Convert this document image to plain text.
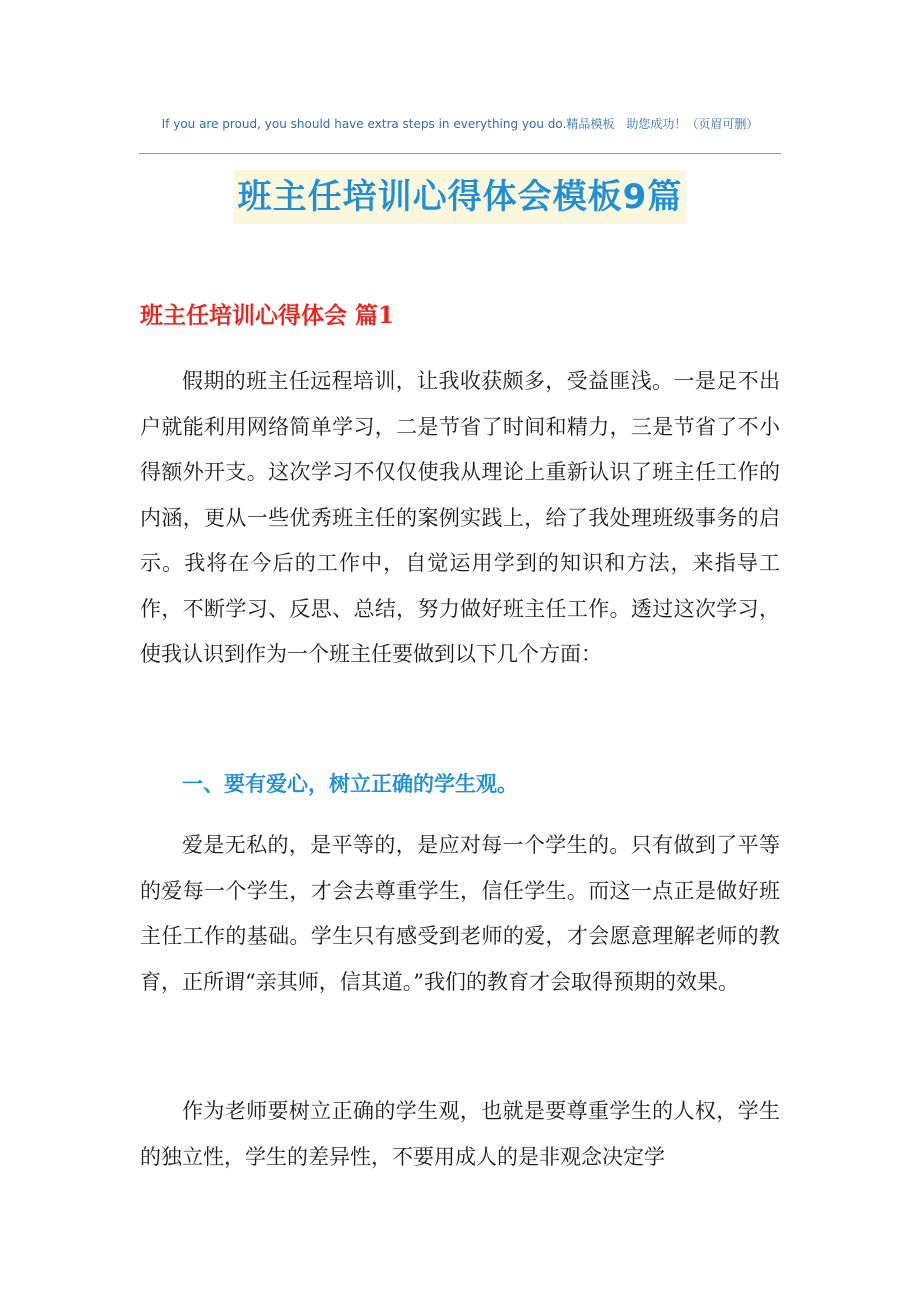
If you are proud, you should have extra steps in everything you do.精品模板　助您成功！（页眉可删）
班主任培训心得体会模板9篇
班主任培训心得体会 篇1

假期的班主任远程培训，让我收获颇多，受益匪浅。一是足不出户就能利用网络简单学习，二是节省了时间和精力，三是节省了不小得额外开支。这次学习不仅仅使我从理论上重新认识了班主任工作的内涵，更从一些优秀班主任的案例实践上，给了我处理班级事务的启示。我将在今后的工作中，自觉运用学到的知识和方法，来指导工作，不断学习、反思、总结，努力做好班主任工作。透过这次学习，使我认识到作为一个班主任要做到以下几个方面：

一、要有爱心，树立正确的学生观。

爱是无私的，是平等的，是应对每一个学生的。只有做到了平等的爱每一个学生，才会去尊重学生，信任学生。而这一点正是做好班主任工作的基础。学生只有感受到老师的爱，才会愿意理解老师的教育，正所谓“亲其师，信其道。”我们的教育才会取得预期的效果。

作为老师要树立正确的学生观，也就是要尊重学生的人权，学生的独立性，学生的差异性，不要用成人的是非观念决定学
